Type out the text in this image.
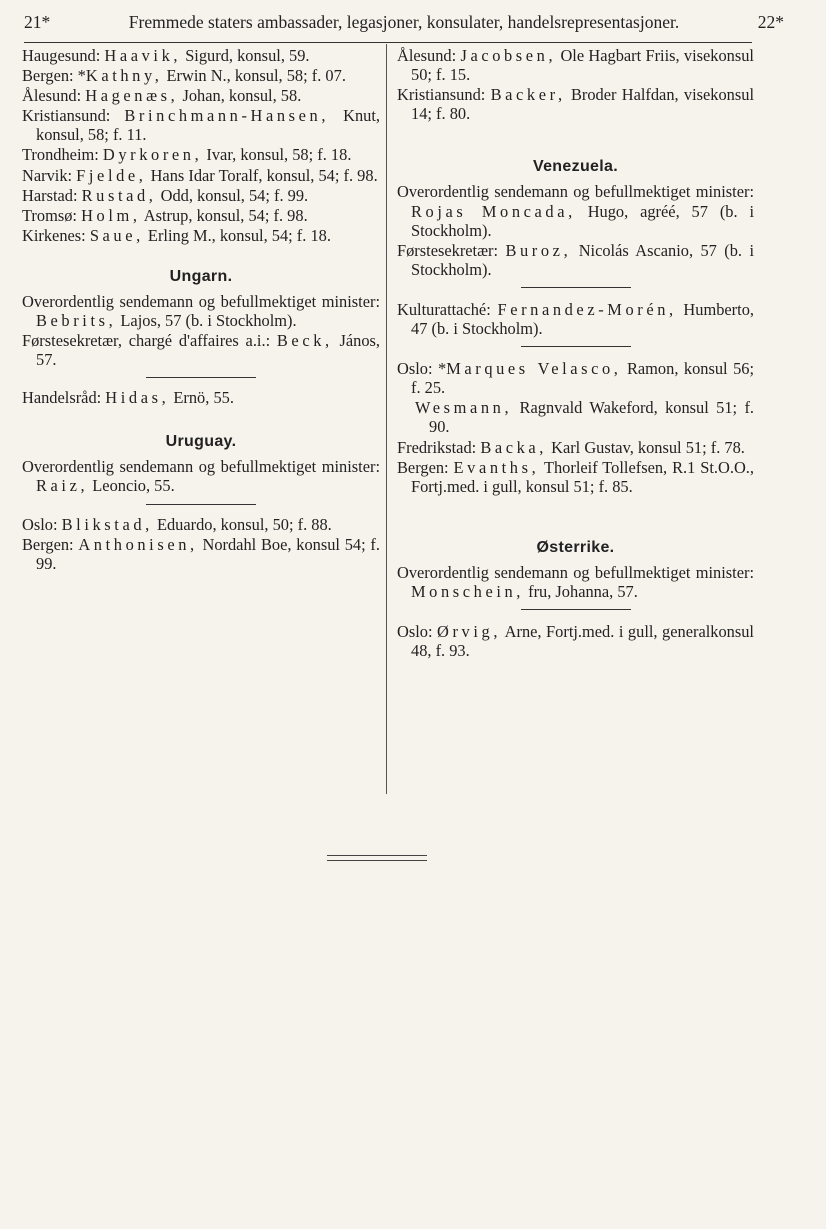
21*	Fremmede staters ambassader, legasjoner, konsulater, handelsrepresentasjoner.	22*

Haugesund: Haavik, Sigurd, konsul, 59.

Bergen: *Kathny, Erwin N., konsul, 58; f. 07.

Ålesund: Hagenæs, Johan, konsul, 58.

Kristiansund: Brinchmann-Hansen, Knut, konsul, 58; f. 11.

Trondheim: Dyrkoren, Ivar, konsul, 58; f. 18.

Narvik: Fjelde, Hans Idar Toralf, konsul, 54; f. 98.

Harstad: Rustad, Odd, konsul, 54; f. 99.

Tromsø: Holm, Astrup, konsul, 54; f. 98.

Kirkenes: Saue, Erling M., konsul, 54; f. 18.

Ungarn.

Overordentlig sendemann og befullmektiget minister: Bebrits, Lajos, 57 (b. i Stockholm).

Førstesekretær, chargé d'affaires a.i.: Beck, János, 57.

Handelsråd: Hidas, Ernö, 55.

Uruguay.

Overordentlig sendemann og befullmektiget minister: Raiz, Leoncio, 55.

Oslo: Blikstad, Eduardo, konsul, 50; f. 88.

Bergen: Anthonisen, Nordahl Boe, konsul 54; f. 99.

Ålesund: Jacobsen, Ole Hagbart Friis, visekonsul 50; f. 15.

Kristiansund: Backer, Broder Halfdan, visekonsul 14; f. 80.

Venezuela.

Overordentlig sendemann og befullmektiget minister: Rojas Moncada, Hugo, agréé, 57 (b. i Stockholm).

Førstesekretær: Buroz, Nicolás Ascanio, 57 (b. i Stockholm).

Kulturattaché: Fernandez-Morén, Humberto, 47 (b. i Stockholm).

Oslo: *Marques Velasco, Ramon, konsul 56; f. 25.

Wesmann, Ragnvald Wakeford, konsul 51; f. 90.

Fredrikstad: Backa, Karl Gustav, konsul 51; f. 78.

Bergen: Evanths, Thorleif Tollefsen, R.1 St.O.O., Fortj.med. i gull, konsul 51; f. 85.

Østerrike.

Overordentlig sendemann og befullmektiget minister: Monschein, fru, Johanna, 57.

Oslo: Ørvig, Arne, Fortj.med. i gull, generalkonsul 48, f. 93.
